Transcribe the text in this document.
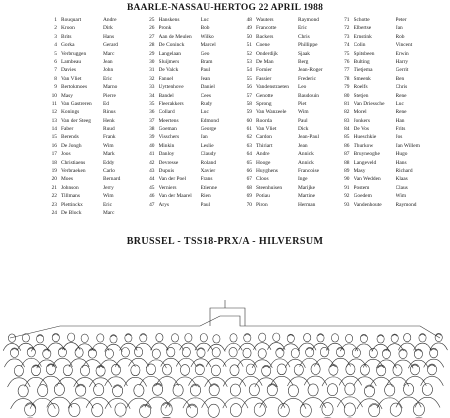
BAARLE-NASSAU-HERTOG 22 APRIL 1988
1 Rouquart	Andre
2 Kroon	Dirk
3 Brits	Hans
4 Gorka	Gerard
5 Verbruggen	Marc
6 Lambeau	Jean
7 Davies	John
8 Van Vliet	Eric
9 Bertokmoes	Marno
10 Masy	Pierre
11 Van Gastreren	Ed
12 Konings	Rinus
13 Van der Steeg	Henk
14 Faber	Ruud
15 Berends	Frank
16 De Jongh	Wim
17 Joos	Mark
18 Christiaens	Eddy
19 Verbraeken	Carlo
20 Moes	Bernard
21 Johnson	Jerry
22 Tillmans	Wim
23 Plettinckx	Eric
24 De Block	Marc
25 Hanskens	Luc
26 Pronk	Bob
27 Aan de Meulen	Wilko
28 De Coninck	Marcel
29 Langelaan	Geo
30 Sluijmers	Bram
31 De Valck	Paul
32 Fanuel	Jean
33 Uyttenhove	Daniel
34 Bandel	Cees
35 Fleerakkers	Rudy
36 Collard	Luc
37 Meertens	Edmond
38 Goeman	George
39 Visschers	Jan
40 Minkin	Leslie
41 Danloy	Claudy
42 Devresse	Roland
43 Dupuis	Xavier
44 Van der Poel	Frans
45 Verniers	Etienne
46 Van der Maarel	Rien
47 Arys	Paul
48 Wauters	Raymond
49 Francotte	Eric
50 Backers	Chris
51 Coene	Phillippe
52 Onderdijk	Sjaak
53 De Man	Berg
54 Fornier	Jean-Roger
55 Fassier	Frederic
56 Vandenstraeten	Leo
57 Genotte	Baudouin
58 Sprong	Piet
59 Van Wanzeele	Wim
60 Roorda	Paul
61 Van Vliet	Dick
62 Cardon	Jean-Paul
63 Thiriart	Jean
64 Andre	Annick
65 Hooge	Annick
66 Huyghens	Francoise
67 Cloos	Inge
68 Steenhuisen	Marijke
69 Potiau	Martine
70 Piron	Herman
71 Schotte	Peter
72 Elbertse	Jan
73 Ernstink	Rob
74 Colin	Vincent
75 Spitsbeen	Erwin
76 Bulting	Harry
77 Tietjema	Gerrit
78 Smeenk	Ben
79 Roelfs	Chris
80 Stetjen	Rene
81 Van Driessche	Luc
82 Morel	Rene
83 Jonkers	Han
84 De Vos	Frits
85 Hueschkie	Jos
86 Thurkow	Jan Willem
87 Bruyneoghe	Hugo
88 Langeveld	Hans
89 Masy	Richard
90 Van Wedden	Klaas
91 Postem	Claus
92 Goedem	Wim
93 Vandenhoute	Raymond
BRUSSEL - TSS18-PRX/A - HILVERSUM
